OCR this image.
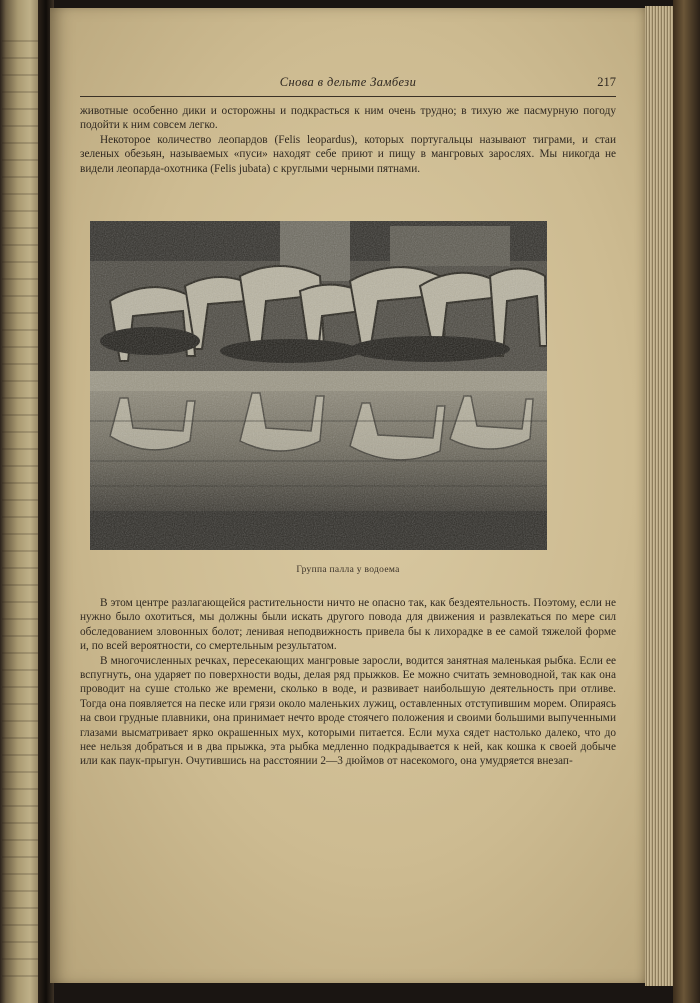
Снова в дельте Замбези	217

животные особенно дики и осторожны и подкрасться к ним очень трудно; в тихую же пасмурную погоду подойти к ним совсем легко.

Некоторое количество леопардов (Felis leopardus), которых португальцы называют тиграми, и стаи зеленых обезьян, называемых «пуси» находят себе приют и пищу в мангровых зарослях. Мы никогда не видели леопарда-охотника (Felis jubata) с круглыми черными пятнами.

Группа палла у водоема

В этом центре разлагающейся растительности ничто не опасно так, как бездеятельность. Поэтому, если не нужно было охотиться, мы должны были искать другого повода для движения и развлекаться по мере сил обследованием зловонных болот; ленивая неподвижность привела бы к лихорадке в ее самой тяжелой форме и, по всей вероятности, со смертельным результатом.

В многочисленных речках, пересекающих мангровые заросли, водится занятная маленькая рыбка. Если ее вспугнуть, она ударяет по поверхности воды, делая ряд прыжков. Ее можно считать земноводной, так как она проводит на суше столько же времени, сколько в воде, и развивает наибольшую деятельность при отливе. Тогда она появляется на песке или грязи около маленьких лужиц, оставленных отступившим морем. Опираясь на свои грудные плавники, она принимает нечто вроде стоячего положения и своими большими выпученными глазами высматривает ярко окрашенных мух, которыми питается. Если муха сядет настолько далеко, что до нее нельзя добраться и в два прыжка, эта рыбка медленно подкрадывается к ней, как кошка к своей добыче или как паук-прыгун. Очутившись на расстоянии 2—3 дюймов от насекомого, она умудряется внезап-
